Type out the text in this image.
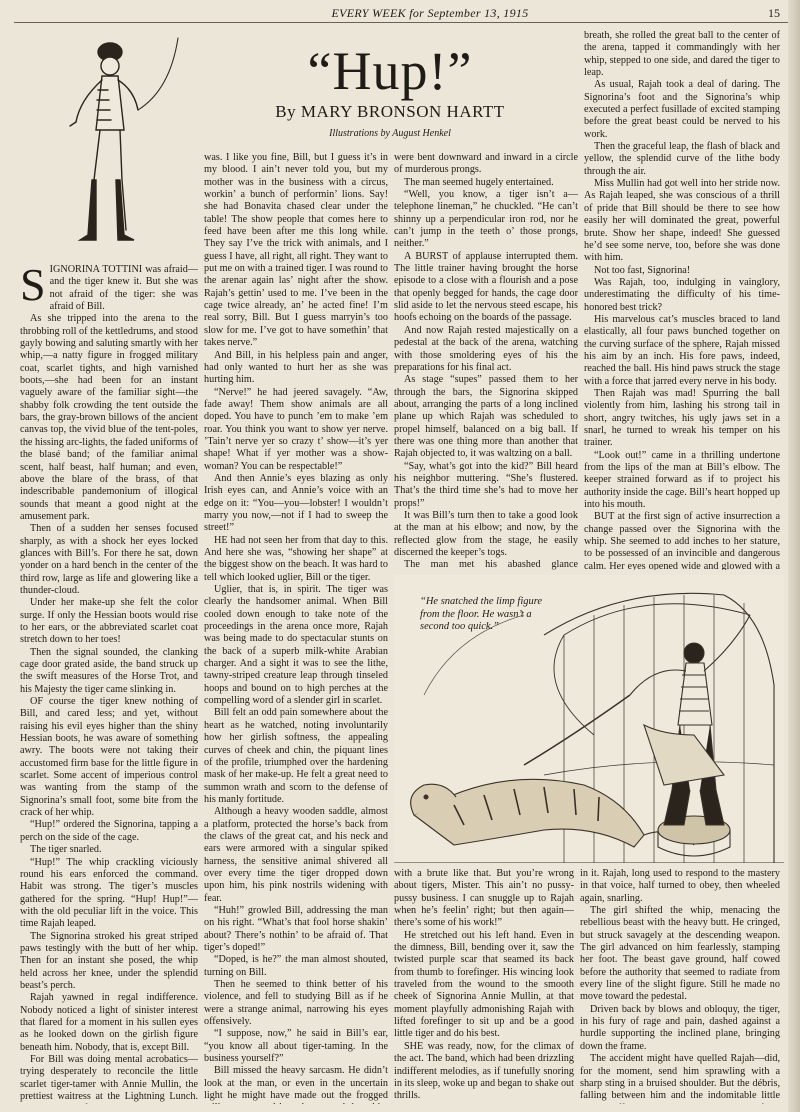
EVERY WEEK for September 13, 1915	15
“Hup!”
By MARY BRONSON HARTT
Illustrations by August Henkel
S IGNORINA TOTTINI was afraid—and the tiger knew it. But she was not afraid of the tiger: she was afraid of Bill.

As she tripped into the arena to the throbbing roll of the kettledrums, and stood gayly bowing and saluting smartly with her whip,—a natty figure in frogged military coat, scarlet tights, and high varnished boots,—she had been for an instant vaguely aware of the familiar sight—the shabby folk crowding the tent outside the bars, the gray-brown billows of the ancient canvas top, the vivid blue of the tent-poles, the hissing arc-lights, the faded uniforms of the blasé band; of the familiar animal scent, half beast, half human; and even, above the blare of the brass, of that indescribable pandemonium of illogical sounds that meant a good night at the amusement park.

Then of a sudden her senses focused sharply, as with a shock her eyes locked glances with Bill’s. For there he sat, down yonder on a hard bench in the center of the third row, large as life and glowering like a thunder-cloud.

Under her make-up she felt the color surge. If only the Hessian boots would rise to her ears, or the abbreviated scarlet coat stretch down to her toes!

Then the signal sounded, the clanking cage door grated aside, the band struck up the swift measures of the Horse Trot, and his Majesty the tiger came slinking in.

OF course the tiger knew nothing of Bill, and cared less; and yet, without raising his evil eyes higher than the shiny Hessian boots, he was aware of something awry. The boots were not taking their accustomed firm base for the little figure in scarlet. Some accent of imperious control was wanting from the stamp of the Signorina’s small foot, some bite from the crack of her whip.

“Hup!” ordered the Signorina, tapping a perch on the side of the cage.

The tiger snarled.

“Hup!” The whip crackling viciously round his ears enforced the command. Habit was strong. The tiger’s muscles gathered for the spring. “Hup! Hup!”—with the old peculiar lift in the voice. This time Rajah leaped.

The Signorina stroked his great striped paws testingly with the butt of her whip. Then for an instant she posed, the whip held across her knee, under the splendid beast’s perch.

Rajah yawned in regal indifference. Nobody noticed a light of sinister interest that flared for a moment in his sullen eyes as he looked down on the girlish figure beneath him. Nobody, that is, except Bill.

For Bill was doing mental acrobatics—trying desperately to reconcile the little scarlet tiger-tamer with Annie Mullin, the prettiest waitress at the Lightning Lunch.

was. I like you fine, Bill, but I guess it’s in my blood. I ain’t never told you, but my mother was in the business with a circus, workin’ a bunch of performin’ lions. Say! she had Bonavita chased clear under the table! The show people that comes here to feed have been after me this long while. They say I’ve the trick with animals, and I guess I have, all right, all right. They want to put me on with a trained tiger. I was round to the arenar again las’ night after the show. Rajah’s gettin’ used to me. I’ve been in the cage twice already, an’ he acted fine! I’m real sorry, Bill. But I guess marryin’s too slow for me. I’ve got to have somethin’ that takes nerve.”

And Bill, in his helpless pain and anger, had only wanted to hurt her as she was hurting him.

“Nerve!” he had jeered savagely. “Aw, fade away! Them show animals are all doped. You have to punch ’em to make ’em roar. You think you want to show yer nerve. ’Tain’t nerve yer so crazy t’ show—it’s yer shape! What if yer mother was a show-woman? You can be respectable!”

And then Annie’s eyes blazing as only Irish eyes can, and Annie’s voice with an edge on it: “You—you—lobster! I wouldn’t marry you now,—not if I had to sweep the street!”

HE had not seen her from that day to this. And here she was, “showing her shape” at the biggest show on the beach. It was hard to tell which looked uglier, Bill or the tiger.

Uglier, that is, in spirit. The tiger was clearly the handsomer animal. When Bill cooled down enough to take note of the proceedings in the arena once more, Rajah was being made to do spectacular stunts on the back of a superb milk-white Arabian charger. And a sight it was to see the lithe, tawny-striped creature leap through tinseled hoops and bound on to high perches at the compelling word of a slender girl in scarlet.

Bill felt an odd pain somewhere about the heart as he watched, noting involuntarily how her girlish softness, the appealing curves of cheek and chin, the piquant lines of the profile, triumphed over the hardening mask of her make-up. He felt a great need to summon wrath and scorn to the defense of his manly fortitude.

Although a heavy wooden saddle, almost a platform, protected the horse’s back from the claws of the great cat, and his neck and ears were armored with a singular spiked harness, the sensitive animal shivered all over every time the tiger dropped down upon him, his pink nostrils widening with fear.

“Huh!” growled Bill, addressing the man on his right. “What’s that fool horse shakin’ about? There’s nothin’ to be afraid of. That tiger’s doped!”

“Doped, is he?” the man almost shouted, turning on Bill.

Then he seemed to think better of his violence, and fell to studying Bill as if he were a strange animal, narrowing his eyes offensively.

“I suppose, now,” he said in Bill’s ear, “you know all about tiger-taming. In the business yourself?”

Bill missed the heavy sarcasm. He didn’t look at the man, or even in the uncertain light he might have made out the frogged

were bent downward and inward in a circle of murderous prongs.

The man seemed hugely entertained.

“Well, you know, a tiger isn’t a—telephone lineman,” he chuckled. “He can’t shinny up a perpendicular iron rod, nor he can’t jump in the teeth o’ those prongs, neither.”

A BURST of applause interrupted them. The little trainer having brought the horse episode to a close with a flourish and a pose that openly begged for hands, the cage door slid aside to let the nervous steed escape, his hoofs echoing on the boards of the passage.

And now Rajah rested majestically on a pedestal at the back of the arena, watching with those smoldering eyes of his the preparations for his final act.

As stage “supes” passed them to her through the bars, the Signorina skipped about, arranging the parts of a long inclined plane up which Rajah was scheduled to propel himself, balanced on a big ball. If there was one thing more than another that Rajah objected to, it was waltzing on a ball.

“Say, what’s got into the kid?” Bill heard his neighbor muttering. “She’s flustered. That’s the third time she’s had to move her props!”

It was Bill’s turn then to take a good look at the man at his elbow; and now, by the reflected glow from the stage, he easily discerned the keeper’s togs.

The man met his abashed glance

breath, she rolled the great ball to the center of the arena, tapped it commandingly with her whip, stepped to one side, and dared the tiger to leap.

As usual, Rajah took a deal of daring. The Signorina’s foot and the Signorina’s whip executed a perfect fusillade of excited stamping before the great beast could be nerved to his work.

Then the graceful leap, the flash of black and yellow, the splendid curve of the lithe body through the air.

Miss Mullin had got well into her stride now. As Rajah leaped, she was conscious of a thrill of pride that Bill should be there to see how easily her will dominated the great, powerful brute. Show her shape, indeed! She guessed he’d see some nerve, too, before she was done with him.

Not too fast, Signorina!

Was Rajah, too, indulging in vainglory, underestimating the difficulty of his time-honored best trick?

His marvelous cat’s muscles braced to land elastically, all four paws bunched together on the curving surface of the sphere, Rajah missed his aim by an inch. His fore paws, indeed, reached the ball. His hind paws struck the stage with a force that jarred every nerve in his body.

Then Rajah was mad! Spurring the ball violently from him, lashing his strong tail in short, angry twitches, his ugly jaws set in a snarl, he turned to wreak his temper on his trainer.

“Look out!” came in a thrilling undertone from the lips of the man at Bill’s elbow. The keeper strained forward as if to project his authority inside the cage. Bill’s heart hopped up into his mouth.

BUT at the first sign of active insurrection a change passed over the Signorina with the whip. She seemed to add inches to her stature, to be possessed of an invincible and dangerous calm. Her eyes opened wide and glowed with a

“He snatched the limp figure from the floor. He wasn’t a second too quick.”

with a brute like that. But you’re wrong about tigers, Mister. This ain’t no pussy-pussy business. I can snuggle up to Rajah when he’s feelin’ right; but then again—there’s some of his work!”

He stretched out his left hand. Even in the dimness, Bill, bending over it, saw the twisted purple scar that seamed its back from thumb to forefinger. His wincing look traveled from the wound to the smooth cheek of Signorina Annie Mullin, at that moment playfully admonishing Rajah with lifted forefinger to sit up and be a good little tiger and do his best.

SHE was ready, now, for the climax of the act. The band, which had been drizzling indifferent melodies, as if tunefully snoring in its sleep, woke up and began to shake out thrills.

in it. Rajah, long used to respond to the mastery in that voice, half turned to obey, then wheeled again, snarling.

The girl shifted the whip, menacing the rebellious beast with the heavy butt. He cringed, but struck savagely at the descending weapon. The girl advanced on him fearlessly, stamping her foot. The beast gave ground, half cowed before the authority that seemed to radiate from every line of the slight figure. Still he made no move toward the pedestal.

Driven back by blows and obloquy, the tiger, in his fury of rage and pain, dashed against a hurdle supporting the inclined plane, bringing down the frame.

The accident might have quelled Rajah—did, for the moment, send him sprawling with a sharp sting in a bruised shoulder. But the débris, falling between him and the indomitable little
